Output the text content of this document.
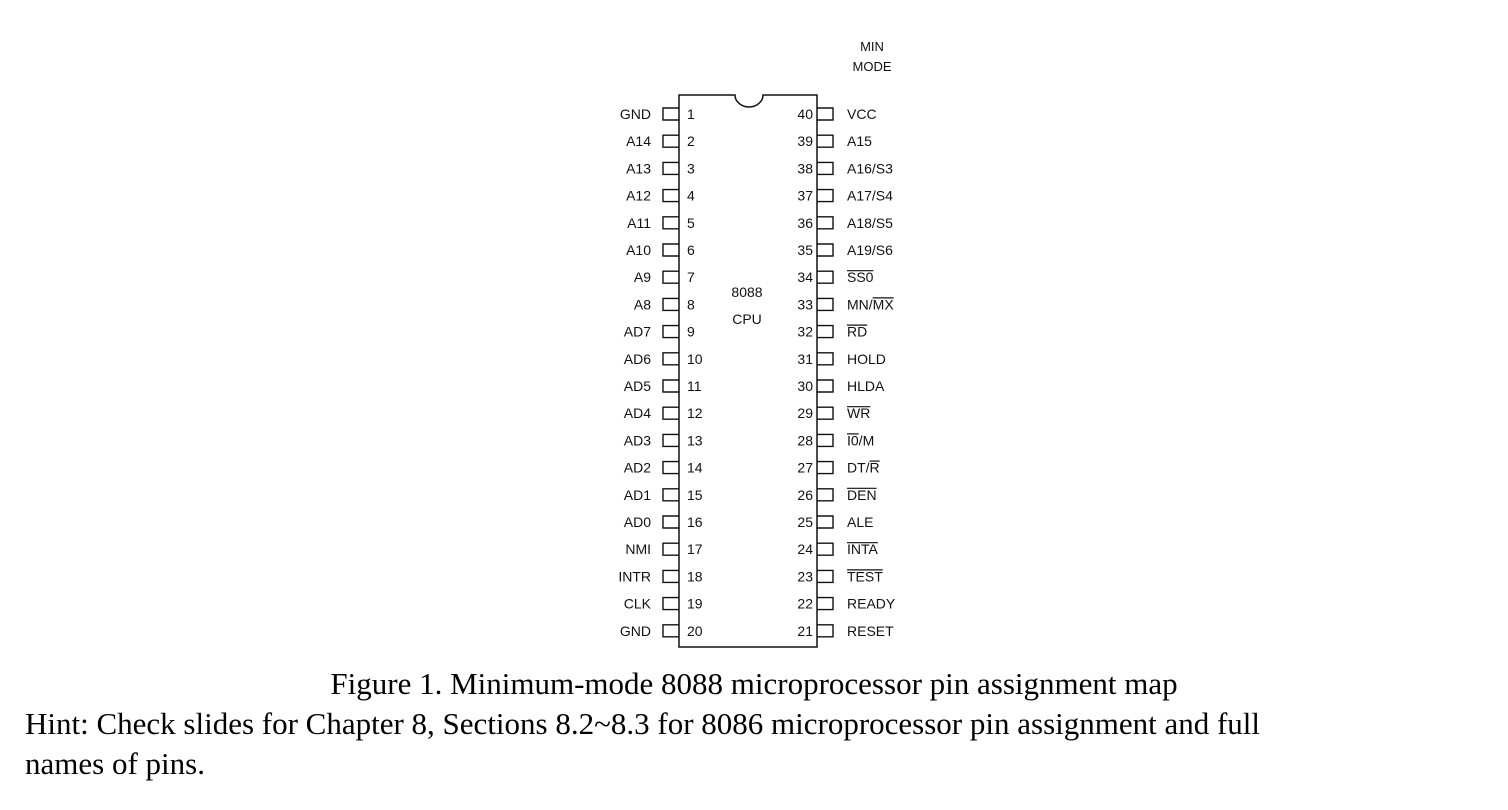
8088
CPU
MIN
MODE
1
GND
2
A14
3
A13
4
A12
5
A11
6
A10
7
A9
8
A8
9
AD7
10
AD6
11
AD5
12
AD4
13
AD3
14
AD2
15
AD1
16
AD0
17
NMI
18
INTR
19
CLK
20
GND
40 VCC
39 A15
38 A16/S3
37 A17/S4
36 A18/S5
35 A19/S6
34 SS0
33 MN/MX
32 RD
31 HOLD
30 HLDA
29 WR
28 I0/M
27 DT/R
26 DEN
25 ALE
24 INTA
23 TEST
22 READY
21 RESET

Figure 1. Minimum-mode 8088 microprocessor pin assignment map

Hint: Check slides for Chapter 8, Sections 8.2~8.3 for 8086 microprocessor pin assignment and full

names of pins.
